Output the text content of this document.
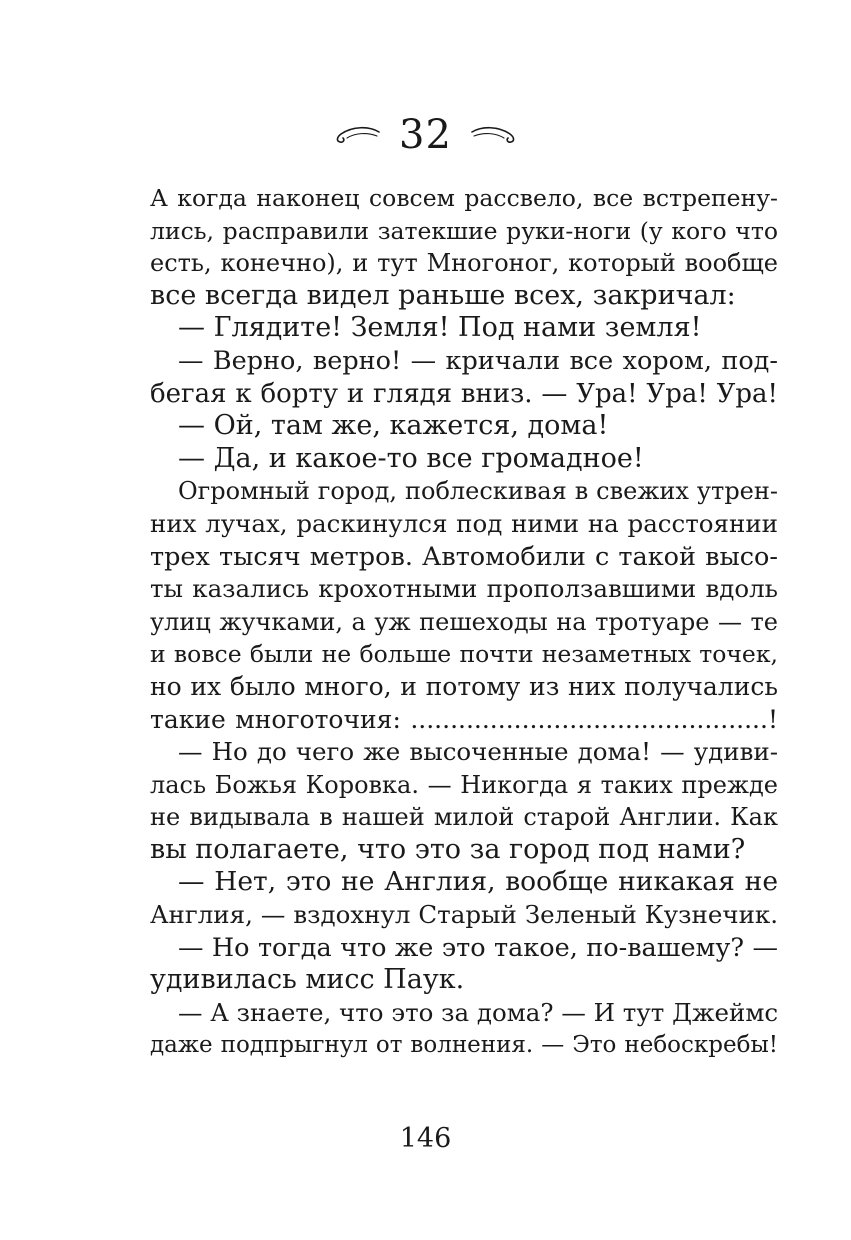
32
А когда наконец совсем рассвело, все встрепену-
лись, расправили затекшие руки-ноги (у кого что
есть, конечно), и тут Многоног, который вообще
все всегда видел раньше всех, закричал:
— Глядите! Земля! Под нами земля!
— Верно, верно! — кричали все хором, под-
бегая к борту и глядя вниз. — Ура! Ура! Ура!
— Ой, там же, кажется, дома!
— Да, и какое-то все громадное!
Огромный город, поблескивая в свежих утрен-
них лучах, раскинулся под ними на расстоянии
трех тысяч метров. Автомобили с такой высо-
ты казались крохотными проползавшими вдоль
улиц жучками, а уж пешеходы на тротуаре — те
и вовсе были не больше почти незаметных точек,
но их было много, и потому из них получались
такие многоточия: .............................................!
— Но до чего же высоченные дома! — удиви-
лась Божья Коровка. — Никогда я таких прежде
не видывала в нашей милой старой Англии. Как
вы полагаете, что это за город под нами?
— Нет, это не Англия, вообще никакая не
Англия, — вздохнул Старый Зеленый Кузнечик.
— Но тогда что же это такое, по-вашему? —
удивилась мисс Паук.
— А знаете, что это за дома? — И тут Джеймс
даже подпрыгнул от волнения. — Это небоскребы!
146
